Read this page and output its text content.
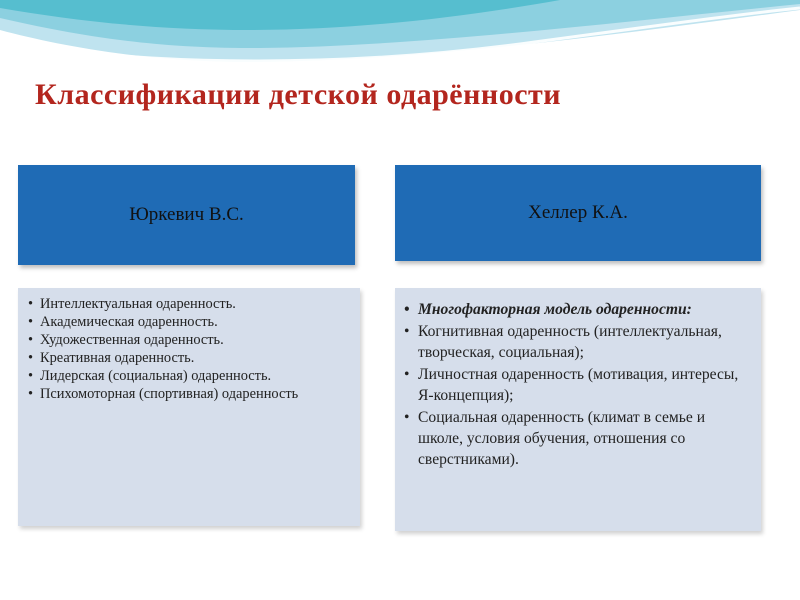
Классификации детской одарённости
Юркевич В.С.	Хеллер К.А.
• Интеллектуальная одаренность.
• Академическая одаренность.
• Художественная одаренность.
• Креативная одаренность.
• Лидерская (социальная) одаренность.
• Психомоторная (спортивная) одаренность
• Многофакторная модель одаренности:
• Когнитивная одаренность (интеллектуальная, творческая, социальная);
• Личностная одаренность (мотивация, интересы, Я-концепция);
• Социальная одаренность (климат в семье и школе, условия обучения, отношения со сверстниками).
